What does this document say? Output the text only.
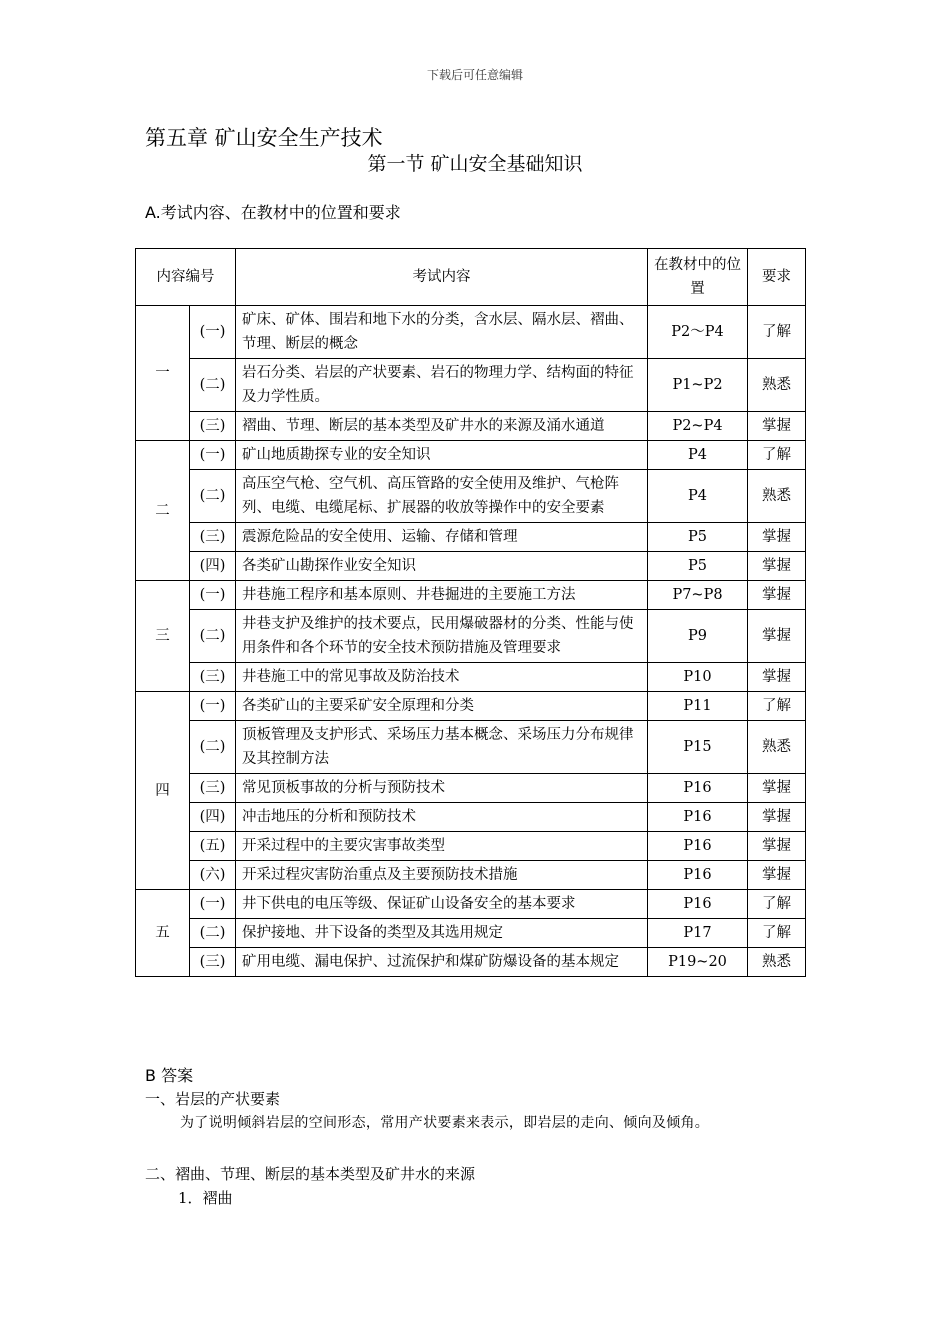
下载后可任意编辑
第五章 矿山安全生产技术
第一节 矿山安全基础知识
A.考试内容、在教材中的位置和要求
内容编号		考试内容	在教材中的位置	要求
一	(一)	矿床、矿体、围岩和地下水的分类，含水层、隔水层、褶曲、节理、断层的概念	P2～P4	了解
	(二)	岩石分类、岩层的产状要素、岩石的物理力学、结构面的特征及力学性质。	P1~P2	熟悉
	(三)	褶曲、节理、断层的基本类型及矿井水的来源及涌水通道	P2~P4	掌握
二	(一)	矿山地质勘探专业的安全知识	P4	了解
	(二)	高压空气枪、空气机、高压管路的安全使用及维护、气枪阵列、电缆、电缆尾标、扩展器的收放等操作中的安全要素	P4	熟悉
	(三)	震源危险品的安全使用、运输、存储和管理	P5	掌握
	(四)	各类矿山勘探作业安全知识	P5	掌握
三	(一)	井巷施工程序和基本原则、井巷掘进的主要施工方法	P7~P8	掌握
	(二)	井巷支护及维护的技术要点，民用爆破器材的分类、性能与使用条件和各个环节的安全技术预防措施及管理要求	P9	掌握
	(三)	井巷施工中的常见事故及防治技术	P10	掌握
四	(一)	各类矿山的主要采矿安全原理和分类	P11	了解
	(二)	顶板管理及支护形式、采场压力基本概念、采场压力分布规律及其控制方法	P15	熟悉
	(三)	常见顶板事故的分析与预防技术	P16	掌握
	(四)	冲击地压的分析和预防技术	P16	掌握
	(五)	开采过程中的主要灾害事故类型	P16	掌握
	(六)	开采过程灾害防治重点及主要预防技术措施	P16	掌握
五	(一)	井下供电的电压等级、保证矿山设备安全的基本要求	P16	了解
	(二)	保护接地、井下设备的类型及其选用规定	P17	了解
	(三)	矿用电缆、漏电保护、过流保护和煤矿防爆设备的基本规定	P19~20	熟悉
B 答案
一、岩层的产状要素
为了说明倾斜岩层的空间形态，常用产状要素来表示，即岩层的走向、倾向及倾角。
二、褶曲、节理、断层的基本类型及矿井水的来源
1．褶曲
